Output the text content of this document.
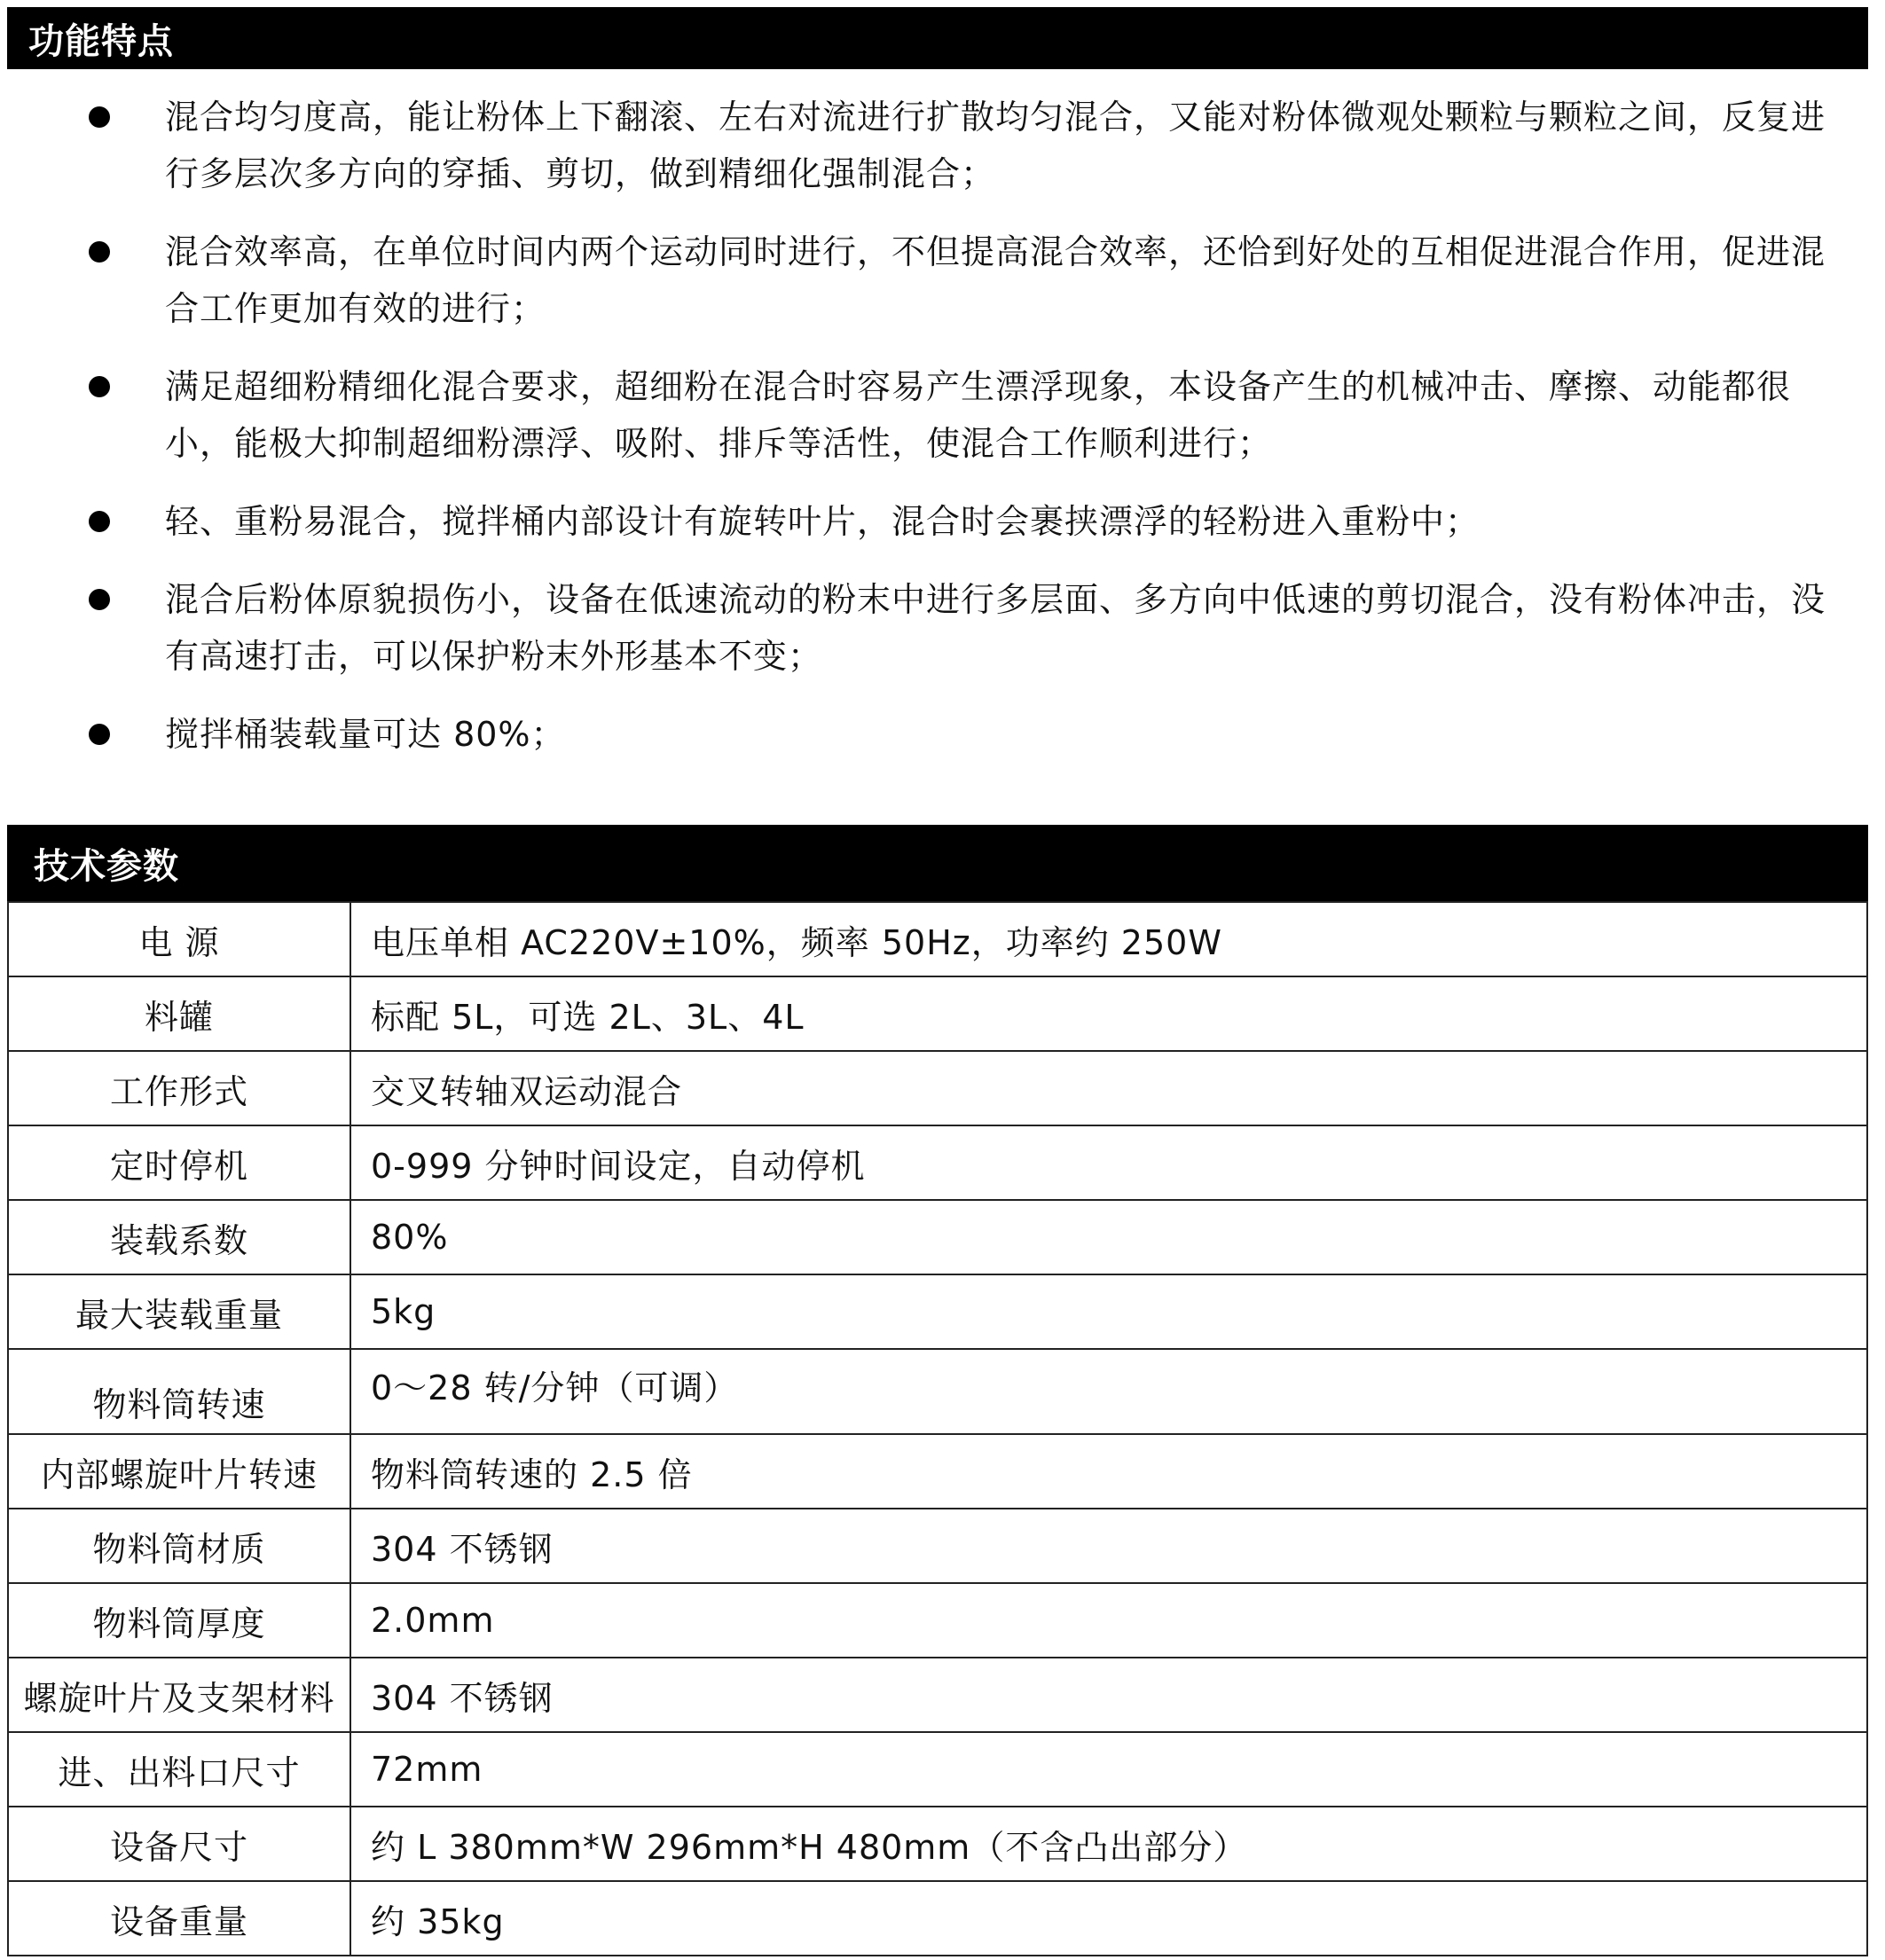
功能特点
混合均匀度高，能让粉体上下翻滚、左右对流进行扩散均匀混合，又能对粉体微观处颗粒与颗粒之间，反复进行多层次多方向的穿插、剪切，做到精细化强制混合；
混合效率高，在单位时间内两个运动同时进行，不但提高混合效率，还恰到好处的互相促进混合作用，促进混合工作更加有效的进行；
满足超细粉精细化混合要求，超细粉在混合时容易产生漂浮现象，本设备产生的机械冲击、摩擦、动能都很小，能极大抑制超细粉漂浮、吸附、排斥等活性，使混合工作顺利进行；
轻、重粉易混合，搅拌桶内部设计有旋转叶片，混合时会裹挟漂浮的轻粉进入重粉中；
混合后粉体原貌损伤小，设备在低速流动的粉末中进行多层面、多方向中低速的剪切混合，没有粉体冲击，没有高速打击，可以保护粉末外形基本不变；
搅拌桶装载量可达 80%；
技术参数
电 源	电压单相 AC220V±10%，频率 50Hz，功率约 250W
料罐	标配 5L，可选 2L、3L、4L
工作形式	交叉转轴双运动混合
定时停机	0-999 分钟时间设定，自动停机
装载系数	80%
最大装载重量	5kg
物料筒转速	0～28 转/分钟（可调）
内部螺旋叶片转速	物料筒转速的 2.5 倍
物料筒材质	304 不锈钢
物料筒厚度	2.0mm
螺旋叶片及支架材料	304 不锈钢
进、出料口尺寸	72mm
设备尺寸	约 L 380mm*W 296mm*H 480mm（不含凸出部分）
设备重量	约 35kg
